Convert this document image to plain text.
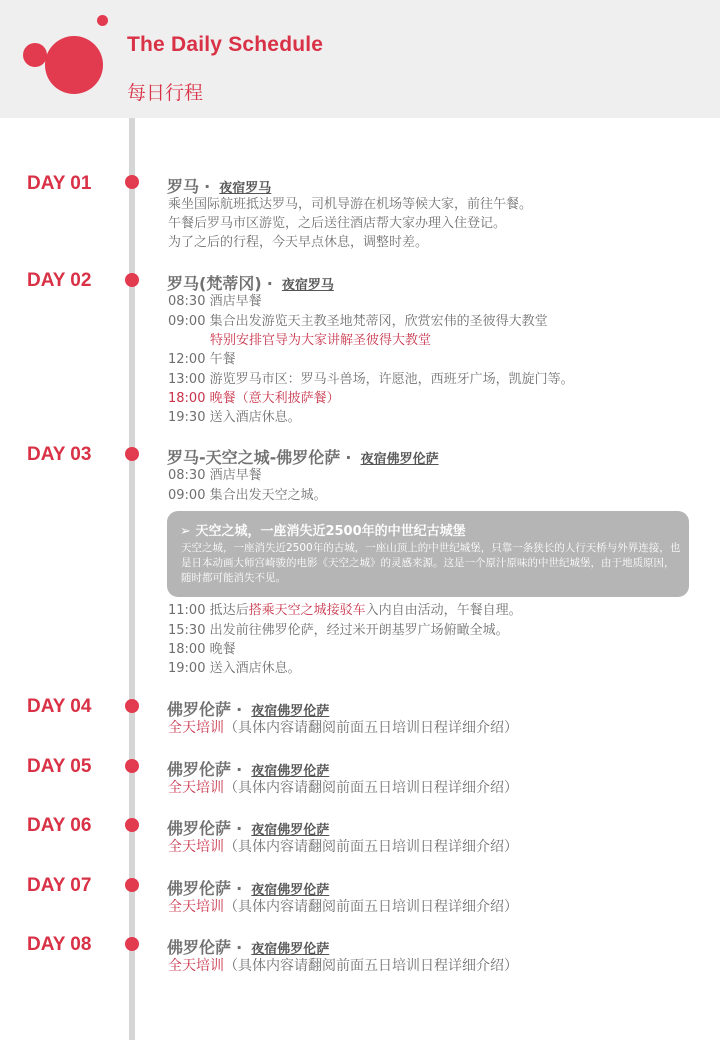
The Daily Schedule
每日行程
DAY 01	罗马 · 夜宿罗马
乘坐国际航班抵达罗马，司机导游在机场等候大家，前往午餐。
午餐后罗马市区游览，之后送往酒店帮大家办理入住登记。
为了之后的行程，今天早点休息，调整时差。
DAY 02	罗马(梵蒂冈) · 夜宿罗马
08:30 酒店早餐
09:00 集合出发游览天主教圣地梵蒂冈，欣赏宏伟的圣彼得大教堂
特别安排官导为大家讲解圣彼得大教堂
12:00 午餐
13:00 游览罗马市区：罗马斗兽场，许愿池，西班牙广场，凯旋门等。
18:00 晚餐（意大利披萨餐）
19:30 送入酒店休息。
DAY 03	罗马-天空之城-佛罗伦萨 · 夜宿佛罗伦萨
08:30 酒店早餐
09:00 集合出发天空之城。
➢ 天空之城，一座消失近2500年的中世纪古城堡
天空之城，一座消失近2500年的古城，一座山顶上的中世纪城堡，只靠一条狭长的人行天桥与外界连接，也是日本动画大师宫崎骏的电影《天空之城》的灵感来源。这是一个原汁原味的中世纪城堡，由于地质原因，随时都可能消失不见。
11:00 抵达后搭乘天空之城接驳车入内自由活动，午餐自理。
15:30 出发前往佛罗伦萨，经过米开朗基罗广场俯瞰全城。
18:00 晚餐
19:00 送入酒店休息。
DAY 04	佛罗伦萨 · 夜宿佛罗伦萨
全天培训（具体内容请翻阅前面五日培训日程详细介绍）
DAY 05	佛罗伦萨 · 夜宿佛罗伦萨
全天培训（具体内容请翻阅前面五日培训日程详细介绍）
DAY 06	佛罗伦萨 · 夜宿佛罗伦萨
全天培训（具体内容请翻阅前面五日培训日程详细介绍）
DAY 07	佛罗伦萨 · 夜宿佛罗伦萨
全天培训（具体内容请翻阅前面五日培训日程详细介绍）
DAY 08	佛罗伦萨 · 夜宿佛罗伦萨
全天培训（具体内容请翻阅前面五日培训日程详细介绍）
